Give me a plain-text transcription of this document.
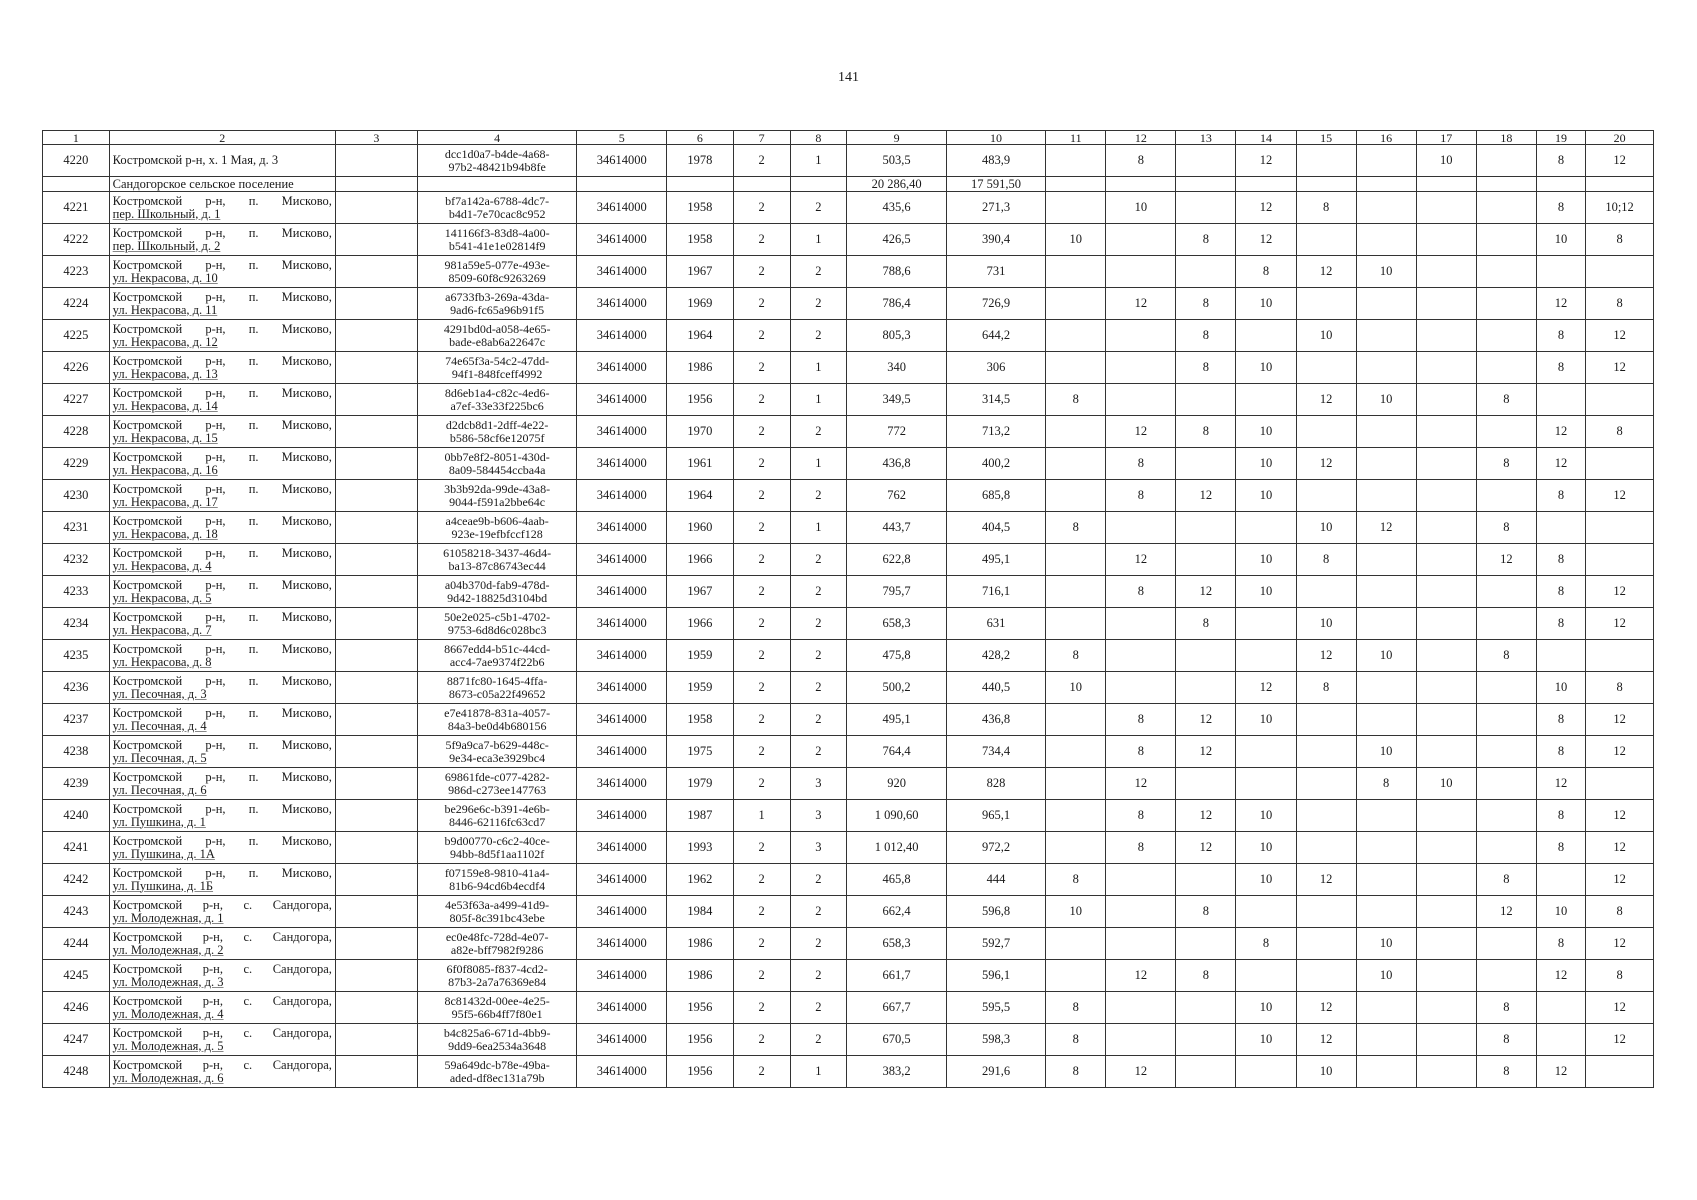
141
1	2	3	4	5	6	7	8	9	10	11	12	13	14	15	16	17	18	19	20
4220	Костромской р-н, х. 1 Мая, д. 3		dcc1d0a7-b4de-4a68-
97b2-48421b94b8fe	34614000	1978	2	1	503,5	483,9		8		12			10		8	12
	Сандогорское сельское поселение							20 286,40	17 591,50										
4221	Костромской р-н, п. Мисково,
пер. Школьный, д. 1		bf7a142a-6788-4dc7-
b4d1-7e70cac8c952	34614000	1958	2	2	435,6	271,3		10		12	8				8	10;12
4222	Костромской р-н, п. Мисково,
пер. Школьный, д. 2		141166f3-83d8-4a00-
b541-41e1e02814f9	34614000	1958	2	1	426,5	390,4	10		8	12					10	8
4223	Костромской р-н, п. Мисково,
ул. Некрасова, д. 10		981a59e5-077e-493e-
8509-60f8c9263269	34614000	1967	2	2	788,6	731				8	12	10				
4224	Костромской р-н, п. Мисково,
ул. Некрасова, д. 11		a6733fb3-269a-43da-
9ad6-fc65a96b91f5	34614000	1969	2	2	786,4	726,9		12	8	10					12	8
4225	Костромской р-н, п. Мисково,
ул. Некрасова, д. 12		4291bd0d-a058-4e65-
bade-e8ab6a22647c	34614000	1964	2	2	805,3	644,2			8		10				8	12
4226	Костромской р-н, п. Мисково,
ул. Некрасова, д. 13		74e65f3a-54c2-47dd-
94f1-848fceff4992	34614000	1986	2	1	340	306			8	10					8	12
4227	Костромской р-н, п. Мисково,
ул. Некрасова, д. 14		8d6eb1a4-c82c-4ed6-
a7ef-33e33f225bc6	34614000	1956	2	1	349,5	314,5	8				12	10		8		
4228	Костромской р-н, п. Мисково,
ул. Некрасова, д. 15		d2dcb8d1-2dff-4e22-
b586-58cf6e12075f	34614000	1970	2	2	772	713,2		12	8	10					12	8
4229	Костромской р-н, п. Мисково,
ул. Некрасова, д. 16		0bb7e8f2-8051-430d-
8a09-584454ccba4a	34614000	1961	2	1	436,8	400,2		8		10	12			8	12	
4230	Костромской р-н, п. Мисково,
ул. Некрасова, д. 17		3b3b92da-99de-43a8-
9044-f591a2bbe64c	34614000	1964	2	2	762	685,8		8	12	10					8	12
4231	Костромской р-н, п. Мисково,
ул. Некрасова, д. 18		a4ceae9b-b606-4aab-
923e-19efbfccf128	34614000	1960	2	1	443,7	404,5	8				10	12		8		
4232	Костромской р-н, п. Мисково,
ул. Некрасова, д. 4		61058218-3437-46d4-
ba13-87c86743ec44	34614000	1966	2	2	622,8	495,1		12		10	8			12	8	
4233	Костромской р-н, п. Мисково,
ул. Некрасова, д. 5		a04b370d-fab9-478d-
9d42-18825d3104bd	34614000	1967	2	2	795,7	716,1		8	12	10					8	12
4234	Костромской р-н, п. Мисково,
ул. Некрасова, д. 7		50e2e025-c5b1-4702-
9753-6d8d6c028bc3	34614000	1966	2	2	658,3	631			8		10				8	12
4235	Костромской р-н, п. Мисково,
ул. Некрасова, д. 8		8667edd4-b51c-44cd-
acc4-7ae9374f22b6	34614000	1959	2	2	475,8	428,2	8				12	10		8		
4236	Костромской р-н, п. Мисково,
ул. Песочная, д. 3		8871fc80-1645-4ffa-
8673-c05a22f49652	34614000	1959	2	2	500,2	440,5	10			12	8				10	8
4237	Костромской р-н, п. Мисково,
ул. Песочная, д. 4		e7e41878-831a-4057-
84a3-be0d4b680156	34614000	1958	2	2	495,1	436,8		8	12	10					8	12
4238	Костромской р-н, п. Мисково,
ул. Песочная, д. 5		5f9a9ca7-b629-448c-
9e34-eca3e3929bc4	34614000	1975	2	2	764,4	734,4		8	12			10			8	12
4239	Костромской р-н, п. Мисково,
ул. Песочная, д. 6		69861fde-c077-4282-
986d-c273ee147763	34614000	1979	2	3	920	828		12				8	10		12	
4240	Костромской р-н, п. Мисково,
ул. Пушкина, д. 1		be296e6c-b391-4e6b-
8446-62116fc63cd7	34614000	1987	1	3	1 090,60	965,1		8	12	10					8	12
4241	Костромской р-н, п. Мисково,
ул. Пушкина, д. 1А		b9d00770-c6c2-40ce-
94bb-8d5f1aa1102f	34614000	1993	2	3	1 012,40	972,2		8	12	10					8	12
4242	Костромской р-н, п. Мисково,
ул. Пушкина, д. 1Б		f07159e8-9810-41a4-
81b6-94cd6b4ecdf4	34614000	1962	2	2	465,8	444	8			10	12			8		12
4243	Костромской р-н, с. Сандогора,
ул. Молодежная, д. 1		4e53f63a-a499-41d9-
805f-8c391bc43ebe	34614000	1984	2	2	662,4	596,8	10		8					12	10	8
4244	Костромской р-н, с. Сандогора,
ул. Молодежная, д. 2		ec0e48fc-728d-4e07-
a82e-bff7982f9286	34614000	1986	2	2	658,3	592,7				8		10			8	12
4245	Костромской р-н, с. Сандогора,
ул. Молодежная, д. 3		6f0f8085-f837-4cd2-
87b3-2a7a76369e84	34614000	1986	2	2	661,7	596,1		12	8			10			12	8
4246	Костромской р-н, с. Сандогора,
ул. Молодежная, д. 4		8c81432d-00ee-4e25-
95f5-66b4ff7f80e1	34614000	1956	2	2	667,7	595,5	8			10	12			8		12
4247	Костромской р-н, с. Сандогора,
ул. Молодежная, д. 5		b4c825a6-671d-4bb9-
9dd9-6ea2534a3648	34614000	1956	2	2	670,5	598,3	8			10	12			8		12
4248	Костромской р-н, с. Сандогора,
ул. Молодежная, д. 6		59a649dc-b78e-49ba-
aded-df8ec131a79b	34614000	1956	2	1	383,2	291,6	8	12			10			8	12	
